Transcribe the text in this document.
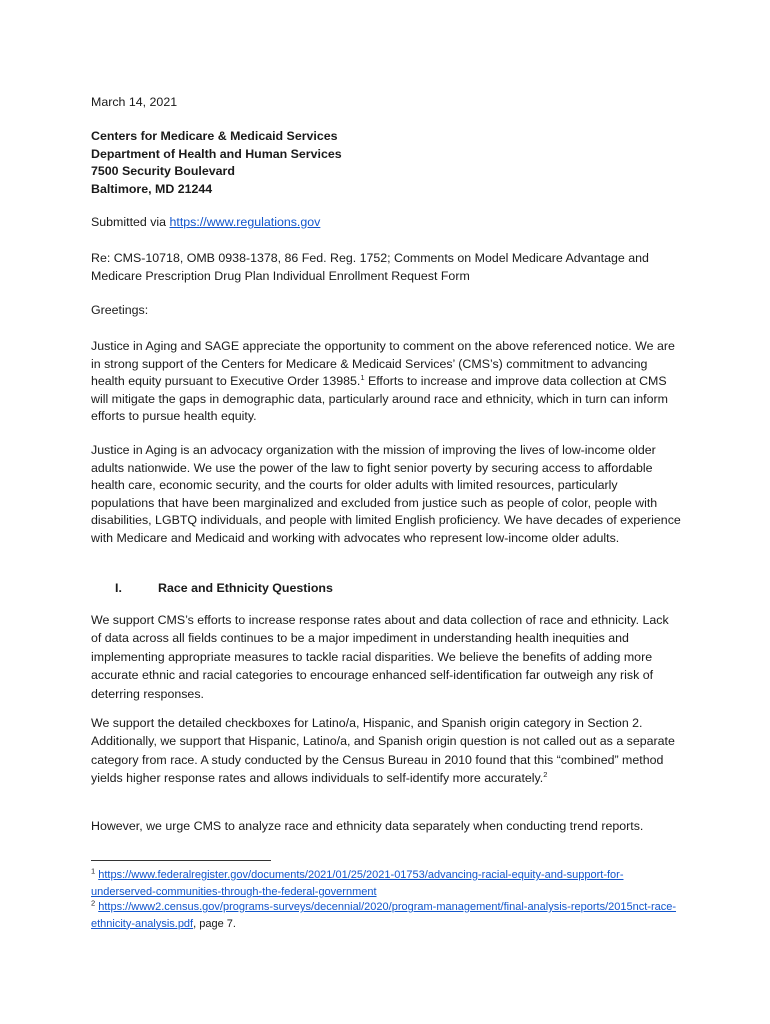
March 14, 2021
Centers for Medicare & Medicaid Services
Department of Health and Human Services
7500 Security Boulevard
Baltimore, MD 21244
Submitted via https://www.regulations.gov
Re: CMS-10718, OMB 0938-1378, 86 Fed. Reg. 1752; Comments on Model Medicare Advantage and Medicare Prescription Drug Plan Individual Enrollment Request Form
Greetings:
Justice in Aging and SAGE appreciate the opportunity to comment on the above referenced notice. We are in strong support of the Centers for Medicare & Medicaid Services’ (CMS’s) commitment to advancing health equity pursuant to Executive Order 13985.$^1$ Efforts to increase and improve data collection at CMS will mitigate the gaps in demographic data, particularly around race and ethnicity, which in turn can inform efforts to pursue health equity.
Justice in Aging is an advocacy organization with the mission of improving the lives of low-income older adults nationwide. We use the power of the law to fight senior poverty by securing access to affordable health care, economic security, and the courts for older adults with limited resources, particularly populations that have been marginalized and excluded from justice such as people of color, people with disabilities, LGBTQ individuals, and people with limited English proficiency. We have decades of experience with Medicare and Medicaid and working with advocates who represent low-income older adults.
I.	Race and Ethnicity Questions
We support CMS’s efforts to increase response rates about and data collection of race and ethnicity. Lack of data across all fields continues to be a major impediment in understanding health inequities and implementing appropriate measures to tackle racial disparities. We believe the benefits of adding more accurate ethnic and racial categories to encourage enhanced self-identification far outweigh any risk of deterring responses.
We support the detailed checkboxes for Latino/a, Hispanic, and Spanish origin category in Section 2. Additionally, we support that Hispanic, Latino/a, and Spanish origin question is not called out as a separate category from race. A study conducted by the Census Bureau in 2010 found that this “combined” method yields higher response rates and allows individuals to self-identify more accurately.$^2$
However, we urge CMS to analyze race and ethnicity data separately when conducting trend reports.
$^1$ https://www.federalregister.gov/documents/2021/01/25/2021-01753/advancing-racial-equity-and-support-for-underserved-communities-through-the-federal-government
$^2$ https://www2.census.gov/programs-surveys/decennial/2020/program-management/final-analysis-reports/2015nct-race-ethnicity-analysis.pdf, page 7.
